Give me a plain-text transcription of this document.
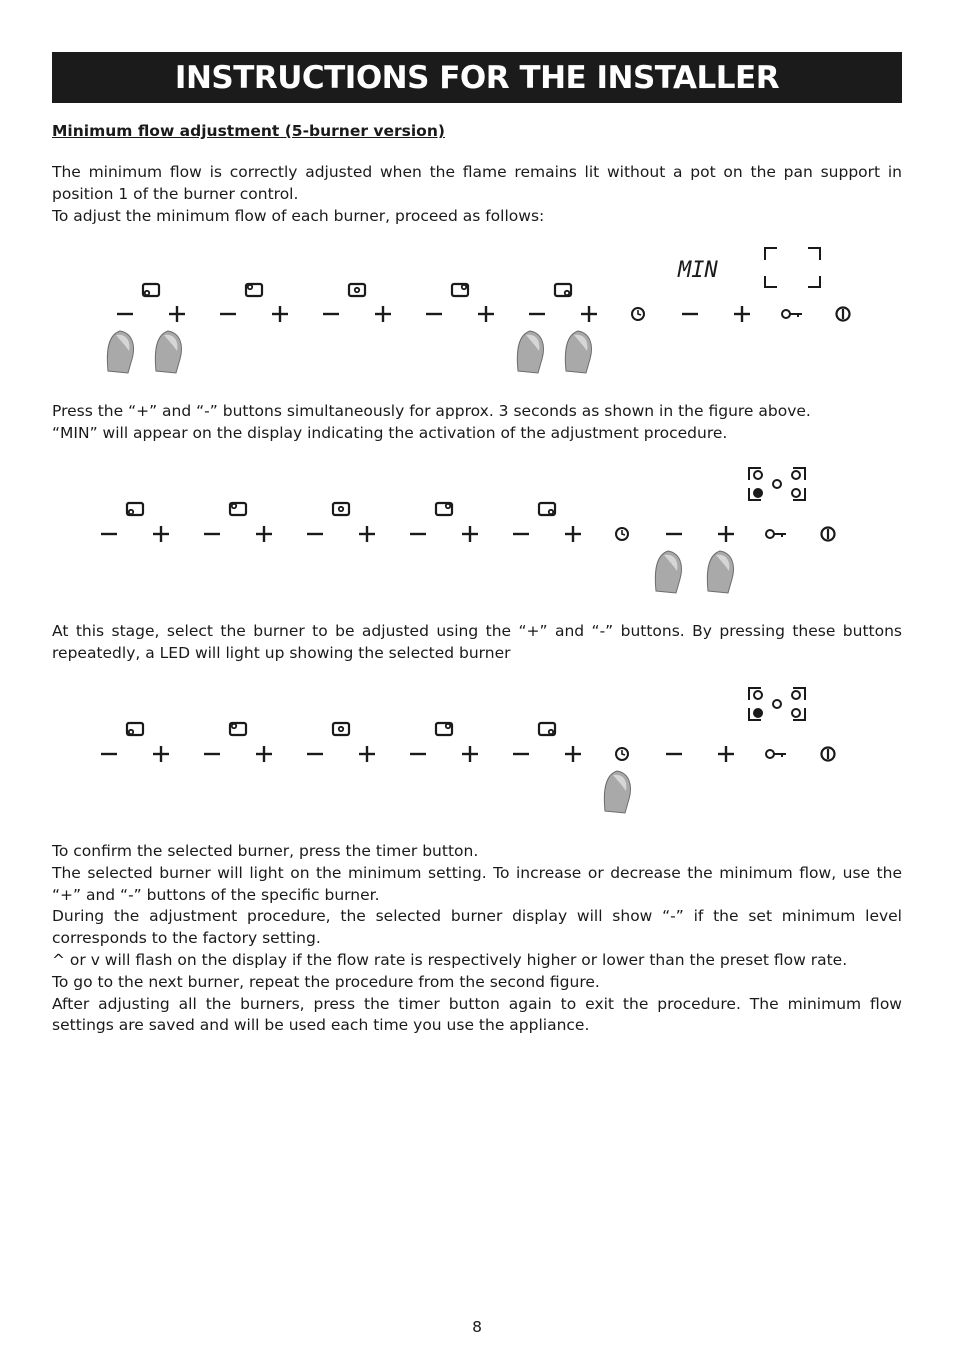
INSTRUCTIONS FOR THE INSTALLER
Minimum flow adjustment (5-burner version)

The minimum flow is correctly adjusted when the flame remains lit without a pot on the pan support in position 1 of the burner control.

To adjust the minimum flow of each burner, proceed as follows:

MIN

Press the “+” and “-” buttons simultaneously for approx. 3 seconds as shown in the figure above.

“MIN” will appear on the display indicating the activation of the adjustment procedure.

At this stage, select the burner to be adjusted using the “+” and “-” buttons. By pressing these buttons repeatedly, a LED will light up showing the selected burner

To confirm the selected burner, press the timer button.

The selected burner will light on the minimum setting. To increase or decrease the minimum flow, use the “+” and “-” buttons of the specific burner.

During the adjustment procedure, the selected burner display will show “-” if the set minimum level corresponds to the factory setting.

^ or v will flash on the display if the flow rate is respectively higher or lower than the preset flow rate.

To go to the next burner, repeat the procedure from the second figure.

After adjusting all the burners, press the timer button again to exit the procedure. The minimum flow settings are saved and will be used each time you use the appliance.

8
